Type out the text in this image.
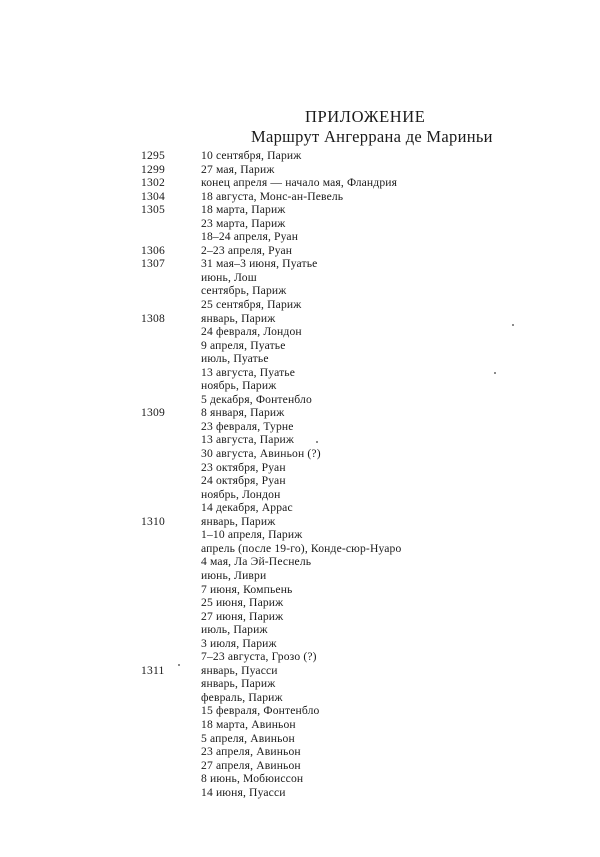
ПРИЛОЖЕНИЕ
Маршрут Ангеррана де Мариньи
1295	10 сентября, Париж
1299	27 мая, Париж
1302	конец апреля — начало мая, Фландрия
1304	18 августа, Монс-ан-Певель
1305	18 марта, Париж
23 марта, Париж
18–24 апреля, Руан
1306	2–23 апреля, Руан
1307	31 мая–3 июня, Пуатье
июнь, Лош
сентябрь, Париж
25 сентября, Париж
1308	январь, Париж
24 февраля, Лондон
9 апреля, Пуатье
июль, Пуатье
13 августа, Пуатье
ноябрь, Париж
5 декабря, Фонтенбло
1309	8 января, Париж
23 февраля, Турне
13 августа, Париж
30 августа, Авиньон (?)
23 октября, Руан
24 октября, Руан
ноябрь, Лондон
14 декабря, Аррас
1310	январь, Париж
1–10 апреля, Париж
апрель (после 19-го), Конде-сюр-Нуаро
4 мая, Ла Эй-Песнель
июнь, Ливри
7 июня, Компьень
25 июня, Париж
27 июня, Париж
июль, Париж
3 июля, Париж
7–23 августа, Грозо (?)
1311	январь, Пуасси
январь, Париж
февраль, Париж
15 февраля, Фонтенбло
18 марта, Авиньон
5 апреля, Авиньон
23 апреля, Авиньон
27 апреля, Авиньон
8 июнь, Мобюиссон
14 июня, Пуасси
